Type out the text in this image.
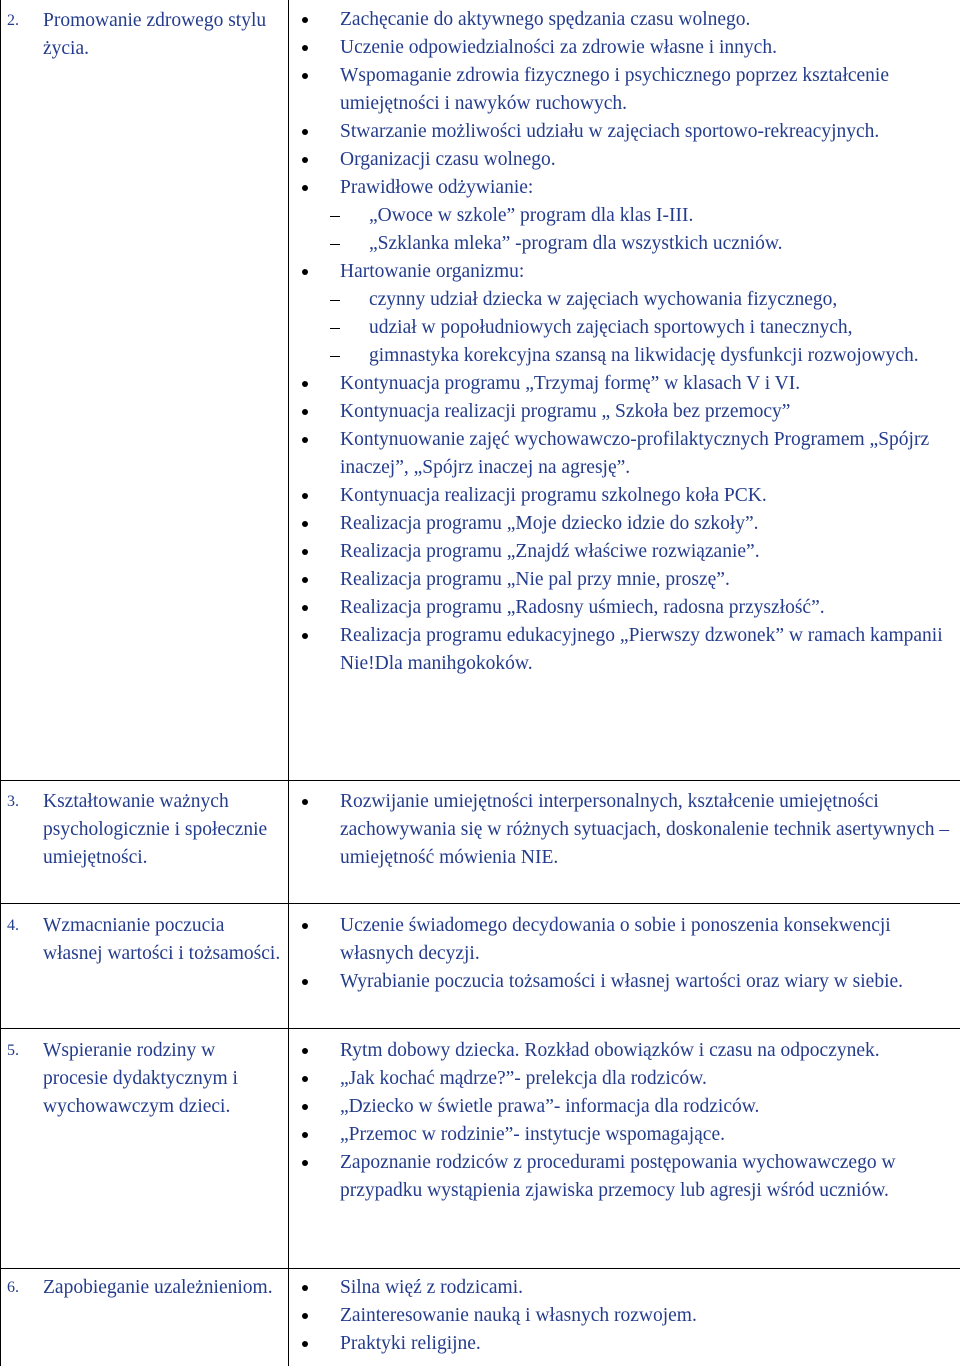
2.	Promowanie zdrowego stylu życia.
Zachęcanie do aktywnego spędzania czasu wolnego.
Uczenie odpowiedzialności za zdrowie własne i innych.
Wspomaganie zdrowia fizycznego i psychicznego poprzez kształcenie umiejętności i nawyków ruchowych.
Stwarzanie możliwości udziału w zajęciach sportowo-rekreacyjnych.
Organizacji czasu wolnego.
Prawidłowe odżywianie:
„Owoce w szkole” program dla klas I-III.
„Szklanka mleka” -program dla wszystkich uczniów.
Hartowanie organizmu:
czynny udział dziecka w zajęciach wychowania fizycznego,
udział w popołudniowych zajęciach sportowych i tanecznych,
gimnastyka korekcyjna szansą na likwidację dysfunkcji rozwojowych.
Kontynuacja programu „Trzymaj formę” w klasach V i VI.
Kontynuacja realizacji programu „ Szkoła bez przemocy”
Kontynuowanie zajęć wychowawczo-profilaktycznych Programem „Spójrz inaczej”, „Spójrz inaczej na agresję”.
Kontynuacja realizacji programu szkolnego koła PCK.
Realizacja programu „Moje dziecko idzie do szkoły”.
Realizacja programu „Znajdź właściwe rozwiązanie”.
Realizacja programu „Nie pal przy mnie, proszę”.
Realizacja programu „Radosny uśmiech, radosna przyszłość”.
Realizacja programu edukacyjnego „Pierwszy dzwonek” w ramach kampanii Nie!Dla manihgokoków.
3.	Kształtowanie ważnych psychologicznie i społecznie umiejętności.
Rozwijanie umiejętności interpersonalnych, kształcenie umiejętności zachowywania się w różnych sytuacjach, doskonalenie technik asertywnych – umiejętność mówienia NIE.
4.	Wzmacnianie poczucia własnej wartości i tożsamości.
Uczenie świadomego decydowania o sobie i ponoszenia konsekwencji własnych decyzji.
Wyrabianie poczucia tożsamości i własnej wartości oraz wiary w siebie.
5.	Wspieranie rodziny w procesie dydaktycznym i wychowawczym dzieci.
Rytm dobowy dziecka. Rozkład obowiązków i czasu na odpoczynek.
„Jak kochać mądrze?”- prelekcja dla rodziców.
„Dziecko w świetle prawa”- informacja dla rodziców.
„Przemoc w rodzinie”- instytucje wspomagające.
Zapoznanie rodziców z procedurami postępowania wychowawczego w przypadku wystąpienia zjawiska przemocy lub agresji wśród uczniów.
6.	Zapobieganie uzależnieniom.	Silna więź z rodzicami.
Zainteresowanie nauką i własnych rozwojem.
Praktyki religijne.
